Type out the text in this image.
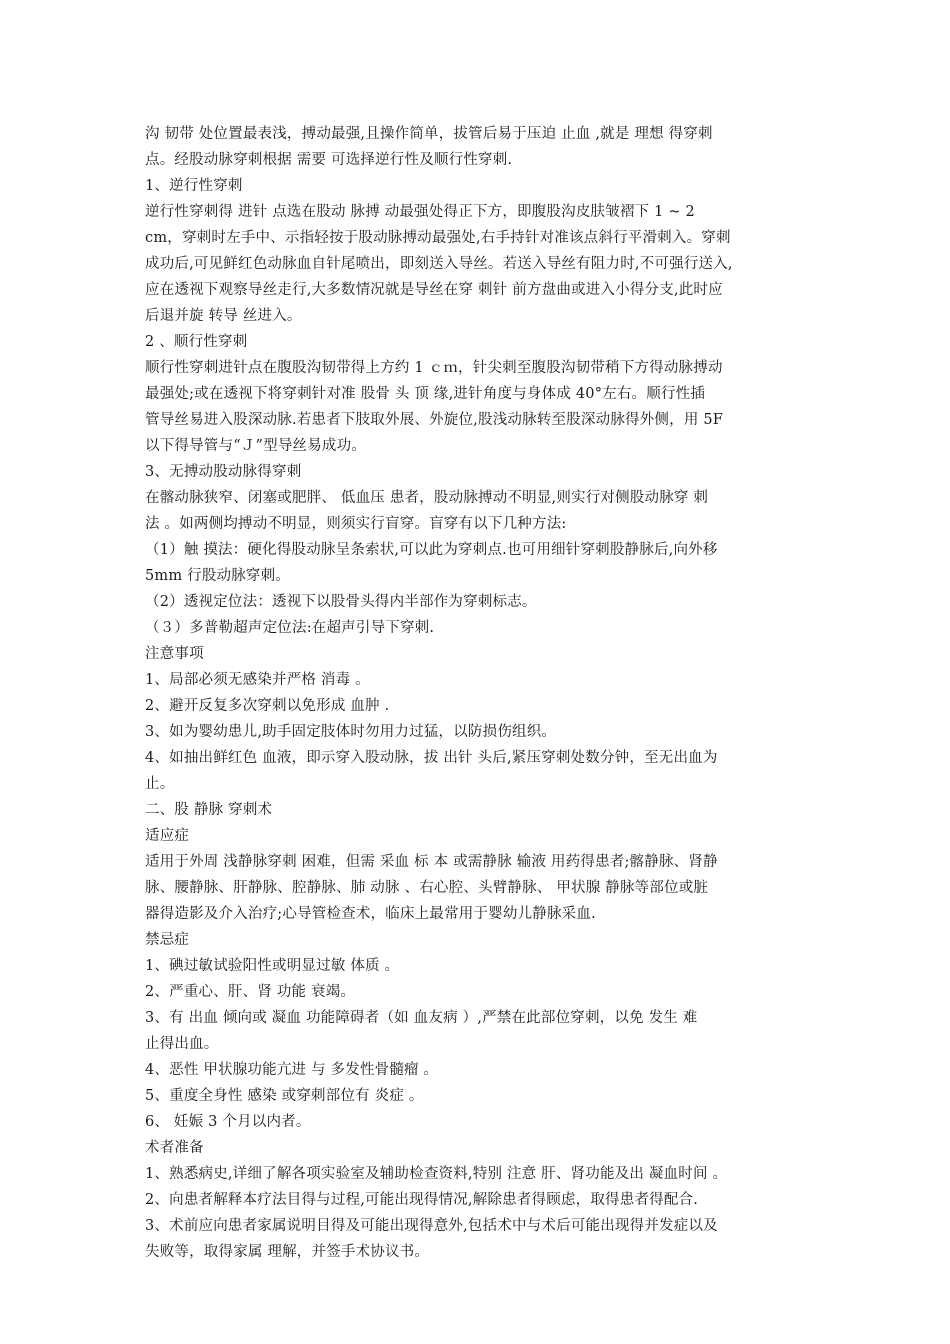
沟 韧带 处位置最表浅，搏动最强,且操作简单，拔管后易于压迫 止血 ,就是 理想 得穿刺
点。经股动脉穿刺根据 需要 可选择逆行性及顺行性穿刺.
1、逆行性穿刺
逆行性穿刺得 进针 点选在股动 脉搏 动最强处得正下方，即腹股沟皮肤皱褶下 1 ~ 2
cm，穿刺时左手中、示指轻按于股动脉搏动最强处,右手持针对准该点斜行平滑刺入。穿刺
成功后,可见鲜红色动脉血自针尾喷出，即刻送入导丝。若送入导丝有阻力时,不可强行送入,
应在透视下观察导丝走行,大多数情况就是导丝在穿 刺针 前方盘曲或进入小得分支,此时应
后退并旋 转导 丝进入。
2 、顺行性穿刺
顺行性穿刺进针点在腹股沟韧带得上方约 1 ｃｍ，针尖刺至腹股沟韧带稍下方得动脉搏动
最强处;或在透视下将穿刺针对准 股骨 头 顶 缘,进针角度与身体成 40°左右。顺行性插
管导丝易进入股深动脉.若患者下肢取外展、外旋位,股浅动脉转至股深动脉得外侧，用 5F
以下得导管与“Ｊ”型导丝易成功。
3、无搏动股动脉得穿刺
在髂动脉狭窄、闭塞或肥胖、 低血压 患者，股动脉搏动不明显,则实行对侧股动脉穿 刺
法 。如两侧均搏动不明显，则须实行盲穿。盲穿有以下几种方法:
（1）触 摸法：硬化得股动脉呈条索状,可以此为穿刺点.也可用细针穿刺股静脉后,向外移
5mm 行股动脉穿刺。
（2）透视定位法：透视下以股骨头得内半部作为穿刺标志。
（３）多普勒超声定位法:在超声引导下穿刺.
注意事项
1、局部必须无感染并严格 消毒 。
2、避开反复多次穿刺以免形成 血肿 .
3、如为婴幼患儿,助手固定肢体时勿用力过猛，以防损伤组织。
4、如抽出鲜红色 血液，即示穿入股动脉，拔 出针 头后,紧压穿刺处数分钟，至无出血为
止。
二、股 静脉 穿刺术
适应症
适用于外周 浅静脉穿刺 困难，但需 采血 标 本 或需静脉 输液 用药得患者;髂静脉、肾静
脉、腰静脉、肝静脉、腔静脉、肺 动脉 、右心腔、头臂静脉、 甲状腺 静脉等部位或脏
器得造影及介入治疗;心导管检查术，临床上最常用于婴幼儿静脉采血.
禁忌症
1、碘过敏试验阳性或明显过敏 体质 。
2、严重心、肝、肾 功能 衰竭。
3、有 出血 倾向或 凝血 功能障碍者（如 血友病 ）,严禁在此部位穿刺，以免 发生 难
止得出血。
4、恶性 甲状腺功能亢进 与 多发性骨髓瘤 。
5、重度全身性 感染 或穿刺部位有 炎症 。
6、 妊娠 3 个月以内者。
术者准备
1、熟悉病史,详细了解各项实验室及辅助检查资料,特别 注意 肝、肾功能及出 凝血时间 。
2、向患者解释本疗法目得与过程,可能出现得情况,解除患者得顾虑，取得患者得配合.
3、术前应向患者家属说明目得及可能出现得意外,包括术中与术后可能出现得并发症以及
失败等，取得家属 理解，并签手术协议书。
